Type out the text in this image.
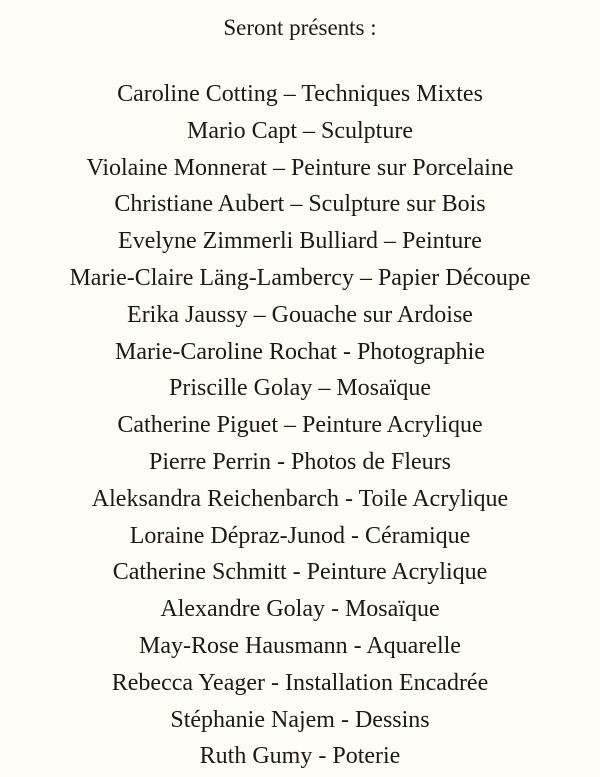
Seront présents :
Caroline Cotting – Techniques Mixtes
Mario Capt – Sculpture
Violaine Monnerat – Peinture sur Porcelaine
Christiane Aubert – Sculpture sur Bois
Evelyne Zimmerli Bulliard – Peinture
Marie-Claire Läng-Lambercy – Papier Découpe
Erika Jaussy – Gouache sur Ardoise
Marie-Caroline Rochat - Photographie
Priscille Golay – Mosaïque
Catherine Piguet – Peinture Acrylique
Pierre Perrin - Photos de Fleurs
Aleksandra Reichenbarch - Toile Acrylique
Loraine Dépraz-Junod - Céramique
Catherine Schmitt - Peinture Acrylique
Alexandre Golay - Mosaïque
May-Rose Hausmann - Aquarelle
Rebecca Yeager - Installation Encadrée
Stéphanie Najem - Dessins
Ruth Gumy - Poterie
